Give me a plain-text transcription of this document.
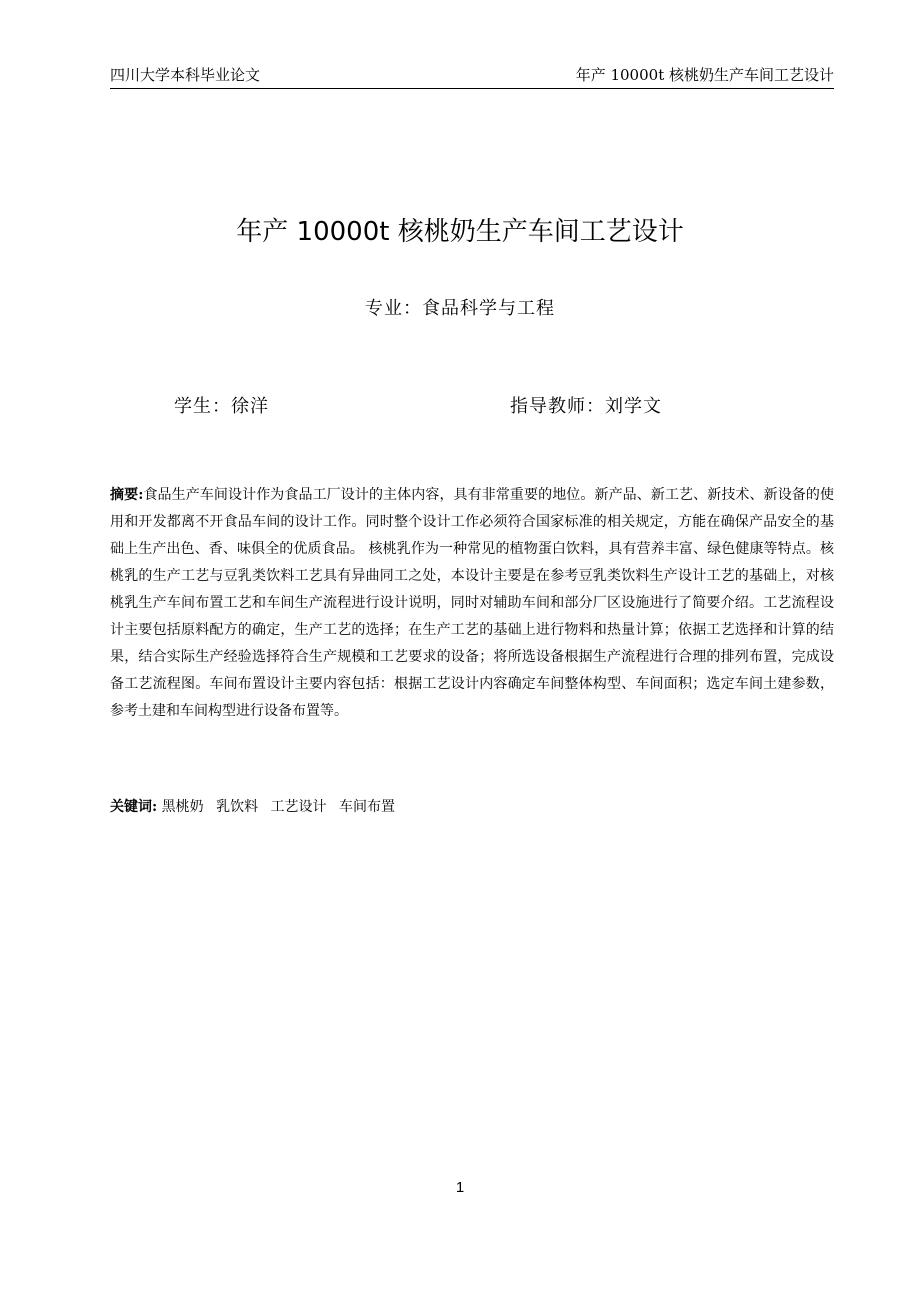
四川大学本科毕业论文	年产 10000t 核桃奶生产车间工艺设计
年产 10000t 核桃奶生产车间工艺设计
专业：食品科学与工程
学生：徐洋	指导教师：刘学文
摘要:食品生产车间设计作为食品工厂设计的主体内容，具有非常重要的地位。新产品、新工艺、新技术、新设备的使用和开发都离不开食品车间的设计工作。同时整个设计工作必须符合国家标准的相关规定，方能在确保产品安全的基础上生产出色、香、味俱全的优质食品。 核桃乳作为一种常见的植物蛋白饮料，具有营养丰富、绿色健康等特点。核桃乳的生产工艺与豆乳类饮料工艺具有异曲同工之处，本设计主要是在参考豆乳类饮料生产设计工艺的基础上，对核桃乳生产车间布置工艺和车间生产流程进行设计说明，同时对辅助车间和部分厂区设施进行了简要介绍。工艺流程设计主要包括原料配方的确定，生产工艺的选择；在生产工艺的基础上进行物料和热量计算；依据工艺选择和计算的结果，结合实际生产经验选择符合生产规模和工艺要求的设备；将所选设备根据生产流程进行合理的排列布置，完成设备工艺流程图。车间布置设计主要内容包括：根据工艺设计内容确定车间整体构型、车间面积；选定车间土建参数，参考土建和车间构型进行设备布置等。
关键词: 黑桃奶 乳饮料 工艺设计 车间布置
1
